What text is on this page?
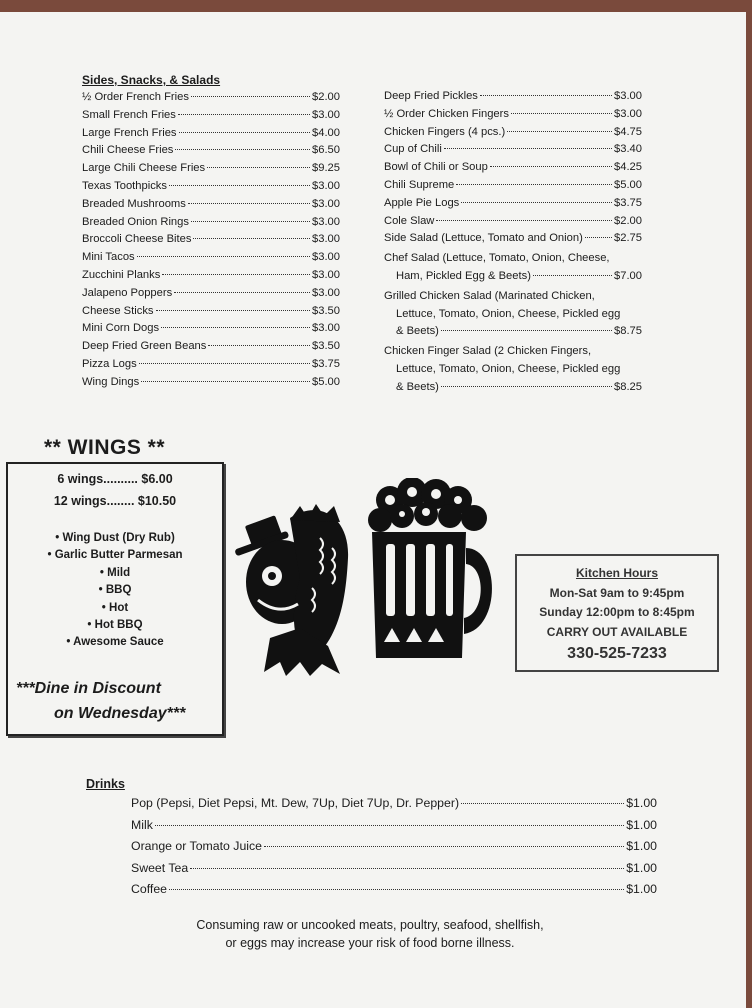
Sides, Snacks, & Salads
½ Order French Fries	$2.00
Small French Fries	$3.00
Large French Fries	$4.00
Chili Cheese Fries	$6.50
Large Chili Cheese Fries	$9.25
Texas Toothpicks	$3.00
Breaded Mushrooms	$3.00
Breaded Onion Rings	$3.00
Broccoli Cheese Bites	$3.00
Mini Tacos	$3.00
Zucchini Planks	$3.00
Jalapeno Poppers	$3.00
Cheese Sticks	$3.50
Mini Corn Dogs	$3.00
Deep Fried Green Beans	$3.50
Pizza Logs	$3.75
Wing Dings	$5.00
Deep Fried Pickles	$3.00
½ Order Chicken Fingers	$3.00
Chicken Fingers (4 pcs.)	$4.75
Cup of Chili	$3.40
Bowl of Chili or Soup	$4.25
Chili Supreme	$5.00
Apple Pie Logs	$3.75
Cole Slaw	$2.00
Side Salad (Lettuce, Tomato and Onion)	$2.75
Chef Salad (Lettuce, Tomato, Onion, Cheese,
Ham, Pickled Egg & Beets)	$7.00
Grilled Chicken Salad (Marinated Chicken,
Lettuce, Tomato, Onion, Cheese, Pickled egg
& Beets)	$8.75
Chicken Finger Salad (2 Chicken Fingers,
Lettuce, Tomato, Onion, Cheese, Pickled egg
& Beets)	$8.25
** WINGS **
6 wings.......... $6.00
12 wings........ $10.50
• Wing Dust (Dry Rub)
• Garlic Butter Parmesan
• Mild
• BBQ
• Hot
• Hot BBQ
• Awesome Sauce
***Dine in Discount
on Wednesday***
Kitchen Hours
Mon-Sat 9am to 9:45pm
Sunday 12:00pm to 8:45pm
CARRY OUT AVAILABLE
330-525-7233
Drinks
Pop (Pepsi, Diet Pepsi, Mt. Dew, 7Up, Diet 7Up, Dr. Pepper)	$1.00
Milk	$1.00
Orange or Tomato Juice	$1.00
Sweet Tea	$1.00
Coffee	$1.00
Consuming raw or uncooked meats, poultry, seafood, shellfish,
or eggs may increase your risk of food borne illness.
